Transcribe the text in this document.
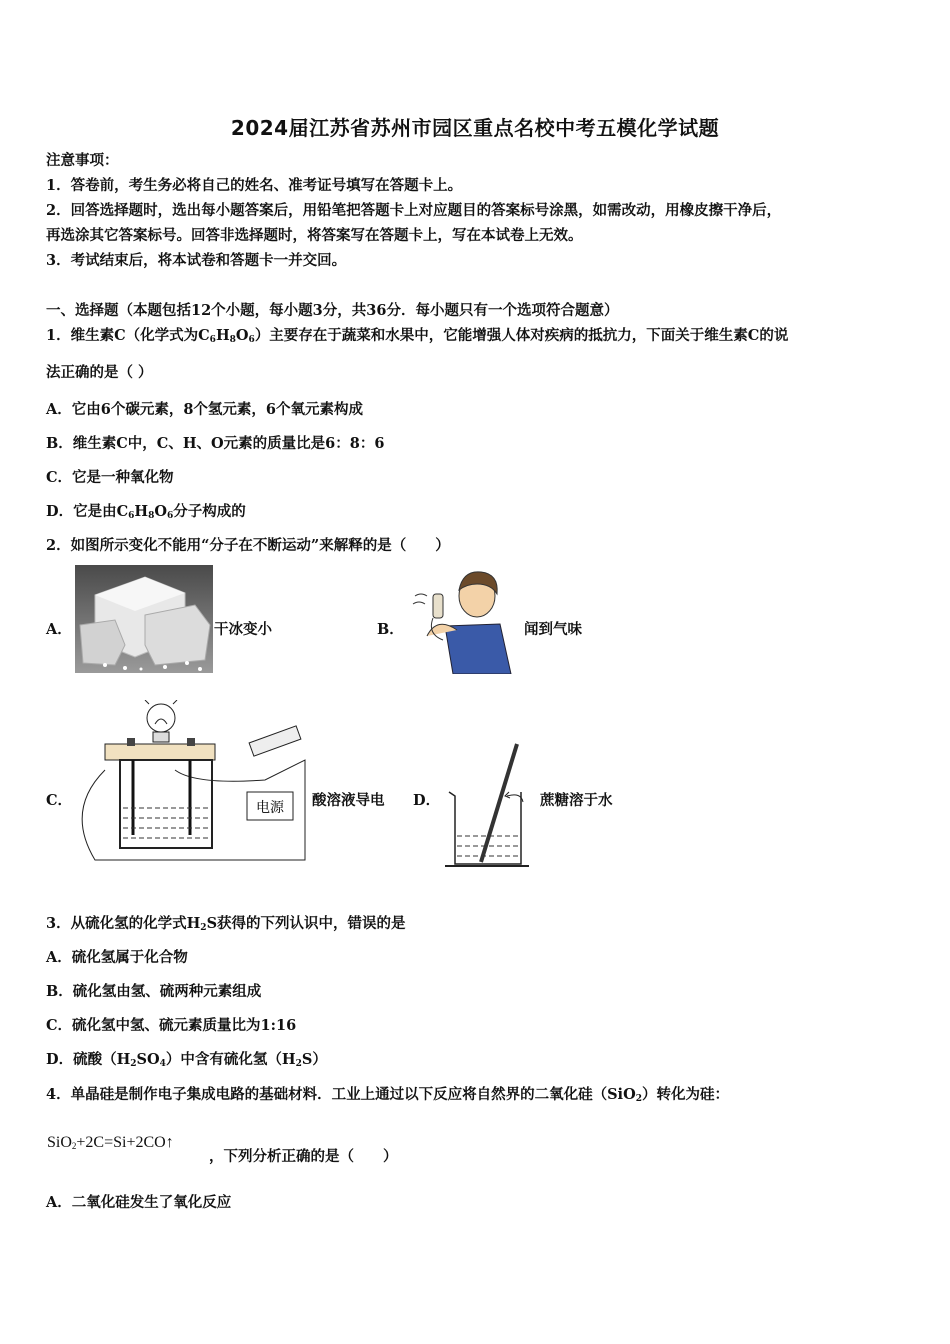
2024届江苏省苏州市园区重点名校中考五模化学试题
注意事项：
1．答卷前，考生务必将自己的姓名、准考证号填写在答题卡上。
2．回答选择题时，选出每小题答案后，用铅笔把答题卡上对应题目的答案标号涂黑，如需改动，用橡皮擦干净后，
再选涂其它答案标号。回答非选择题时，将答案写在答题卡上，写在本试卷上无效。
3．考试结束后，将本试卷和答题卡一并交回。
一、选择题（本题包括12个小题，每小题3分，共36分．每小题只有一个选项符合题意）
1．维生素C（化学式为$C_6H_8O_6$）主要存在于蔬菜和水果中，它能增强人体对疾病的抵抗力，下面关于维生素C的说
法正确的是（ ）
A．它由6个碳元素，8个氢元素，6个氧元素构成
B．维生素C中，C、H、O元素的质量比是6：8：6
C．它是一种氧化物
D．它是由$C_6H_8O_6$分子构成的
2．如图所示变化不能用“分子在不断运动”来解释的是（　　）
A．	干冰变小	B．	闻到气味
C．	电源 酸溶液导电 D．	蔗糖溶于水
3．从硫化氢的化学式$H_2S$获得的下列认识中，错误的是
A．硫化氢属于化合物
B．硫化氢由氢、硫两种元素组成
C．硫化氢中氢、硫元素质量比为1:16
D．硫酸$(H_2SO_4)$中含有硫化氢$(H_2S)$
4．单晶硅是制作电子集成电路的基础材料．工业上通过以下反应将自然界的二氧化硅（SiO$_2$）转化为硅：
SiO$_2$+2C=Si+2CO↑
，下列分析正确的是（　　）
A．二氧化硅发生了氧化反应
